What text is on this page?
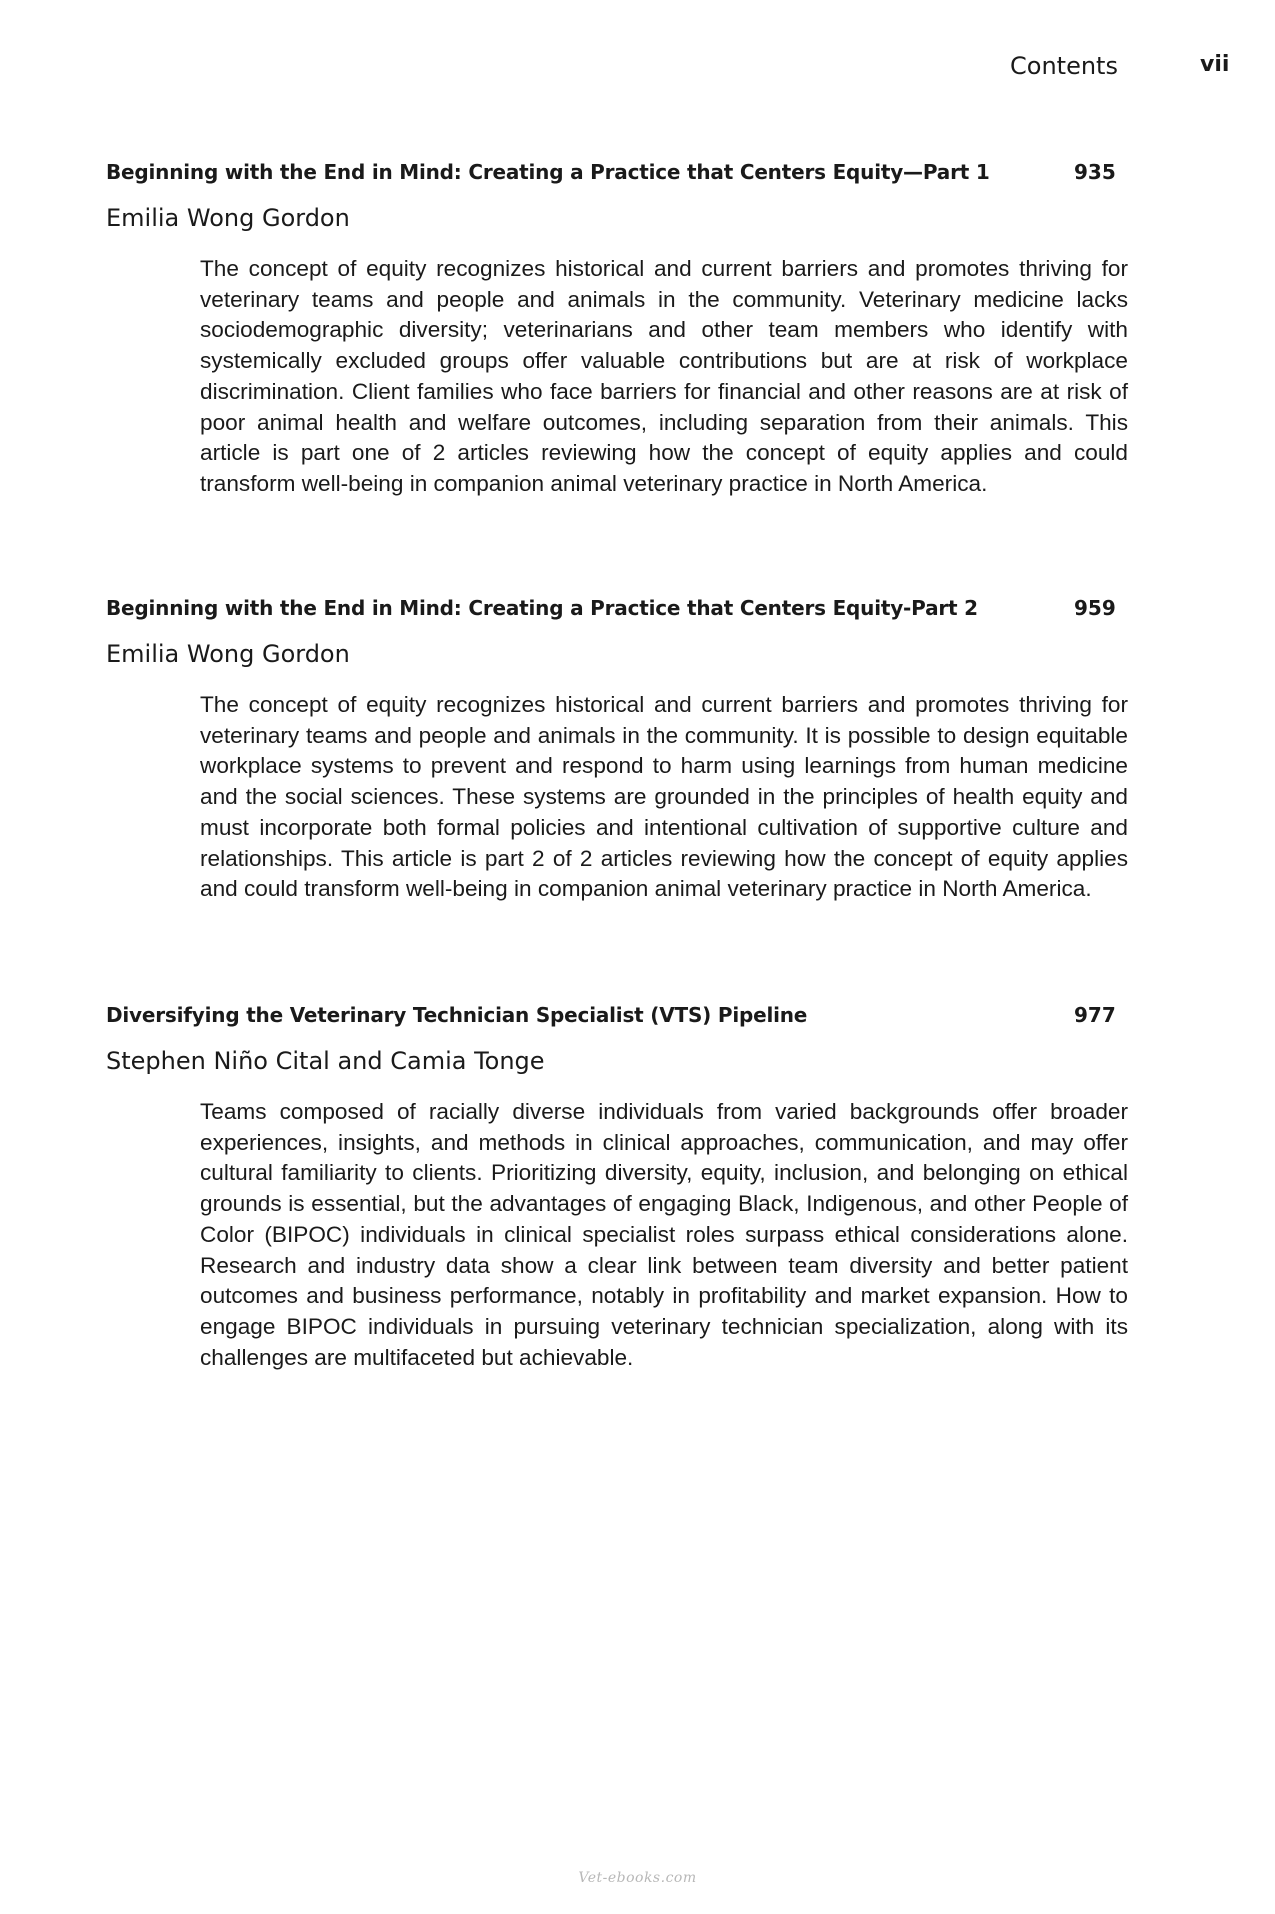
Contents	vii
Beginning with the End in Mind: Creating a Practice that Centers Equity—Part 1	935
Emilia Wong Gordon
The concept of equity recognizes historical and current barriers and promotes thriving for veterinary teams and people and animals in the community. Veterinary medicine lacks sociodemographic diversity; veterinarians and other team members who identify with systemically excluded groups offer valuable contributions but are at risk of workplace discrimination. Client families who face barriers for financial and other reasons are at risk of poor animal health and welfare outcomes, including separation from their animals. This article is part one of 2 articles reviewing how the concept of equity applies and could transform well-being in companion animal veterinary practice in North America.
Beginning with the End in Mind: Creating a Practice that Centers Equity-Part 2	959
Emilia Wong Gordon
The concept of equity recognizes historical and current barriers and promotes thriving for veterinary teams and people and animals in the community. It is possible to design equitable workplace systems to prevent and respond to harm using learnings from human medicine and the social sciences. These systems are grounded in the principles of health equity and must incorporate both formal policies and intentional cultivation of supportive culture and relationships. This article is part 2 of 2 articles reviewing how the concept of equity applies and could transform well-being in companion animal veterinary practice in North America.
Diversifying the Veterinary Technician Specialist (VTS) Pipeline	977
Stephen Niño Cital and Camia Tonge
Teams composed of racially diverse individuals from varied backgrounds offer broader experiences, insights, and methods in clinical approaches, communication, and may offer cultural familiarity to clients. Prioritizing diversity, equity, inclusion, and belonging on ethical grounds is essential, but the advantages of engaging Black, Indigenous, and other People of Color (BIPOC) individuals in clinical specialist roles surpass ethical considerations alone. Research and industry data show a clear link between team diversity and better patient outcomes and business performance, notably in profitability and market expansion. How to engage BIPOC individuals in pursuing veterinary technician specialization, along with its challenges are multifaceted but achievable.
Vet-ebooks.com
